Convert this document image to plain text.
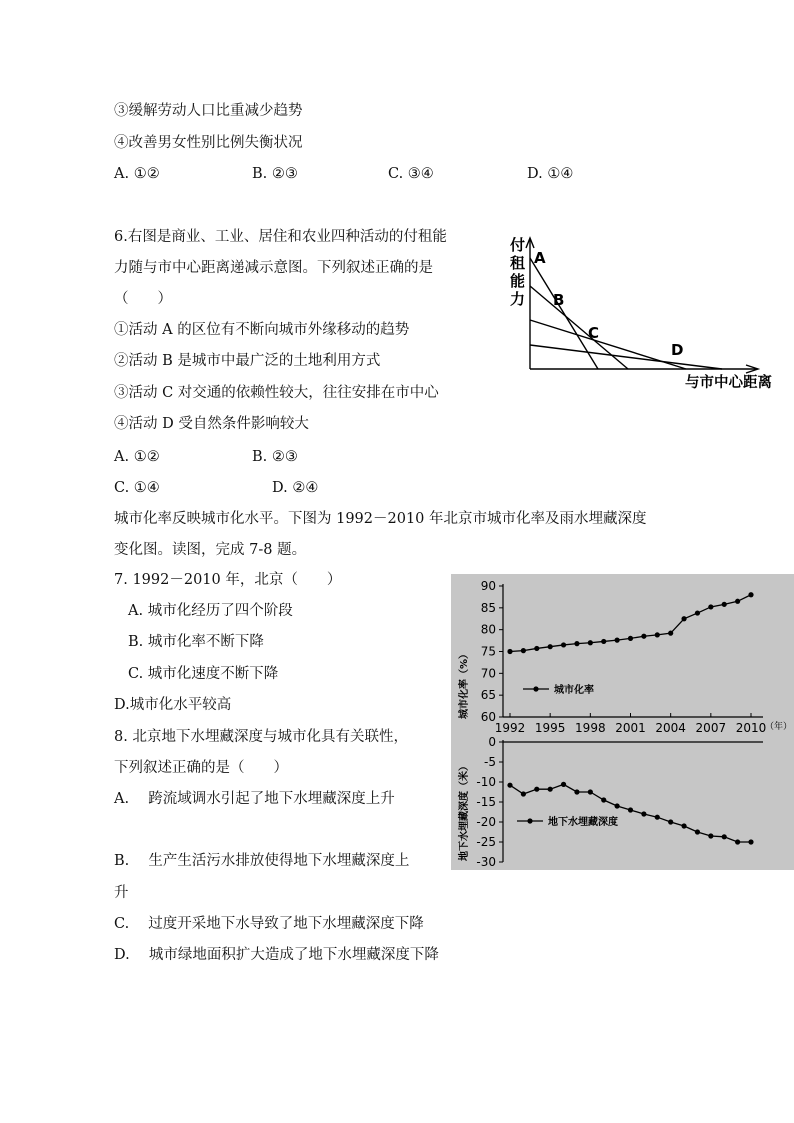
③缓解劳动人口比重减少趋势
④改善男女性别比例失衡状况
A. ①②	B. ②③	C. ③④	D. ①④
6.右图是商业、工业、居住和农业四种活动的付租能
力随与市中心距离递减示意图。下列叙述正确的是
（　　）
①活动 A 的区位有不断向城市外缘移动的趋势
②活动 B 是城市中最广泛的土地利用方式
③活动 C 对交通的依赖性较大，往往安排在市中心
④活动 D 受自然条件影响较大
A. ①②	B. ②③
C. ①④	D. ②④
付
租
能
力
A
B
C
D
与市中心距离
城市化率反映城市化水平。下图为 1992－2010 年北京市城市化率及雨水埋藏深度
变化图。读图，完成 7-8 题。
7. 1992－2010 年，北京（　　）
A. 城市化经历了四个阶段
B. 城市化率不断下降
C. 城市化速度不断下降
D.城市化水平较高
8. 北京地下水埋藏深度与城市化具有关联性，
下列叙述正确的是（　　）
A.　 跨流域调水引起了地下水埋藏深度上升
B.　 生产生活污水排放使得地下水埋藏深度上
升
C.　 过度开采地下水导致了地下水埋藏深度下降
D.　 城市绿地面积扩大造成了地下水埋藏深度下降
60
65
70
75
80
85
90
1992 1995 1998 2001 2004 2007 2010
0
-5
-10
-15
-20
-25
-30
城市化率（%）
地下水埋藏深度（米）
城市化率
地下水埋藏深度
（年）
